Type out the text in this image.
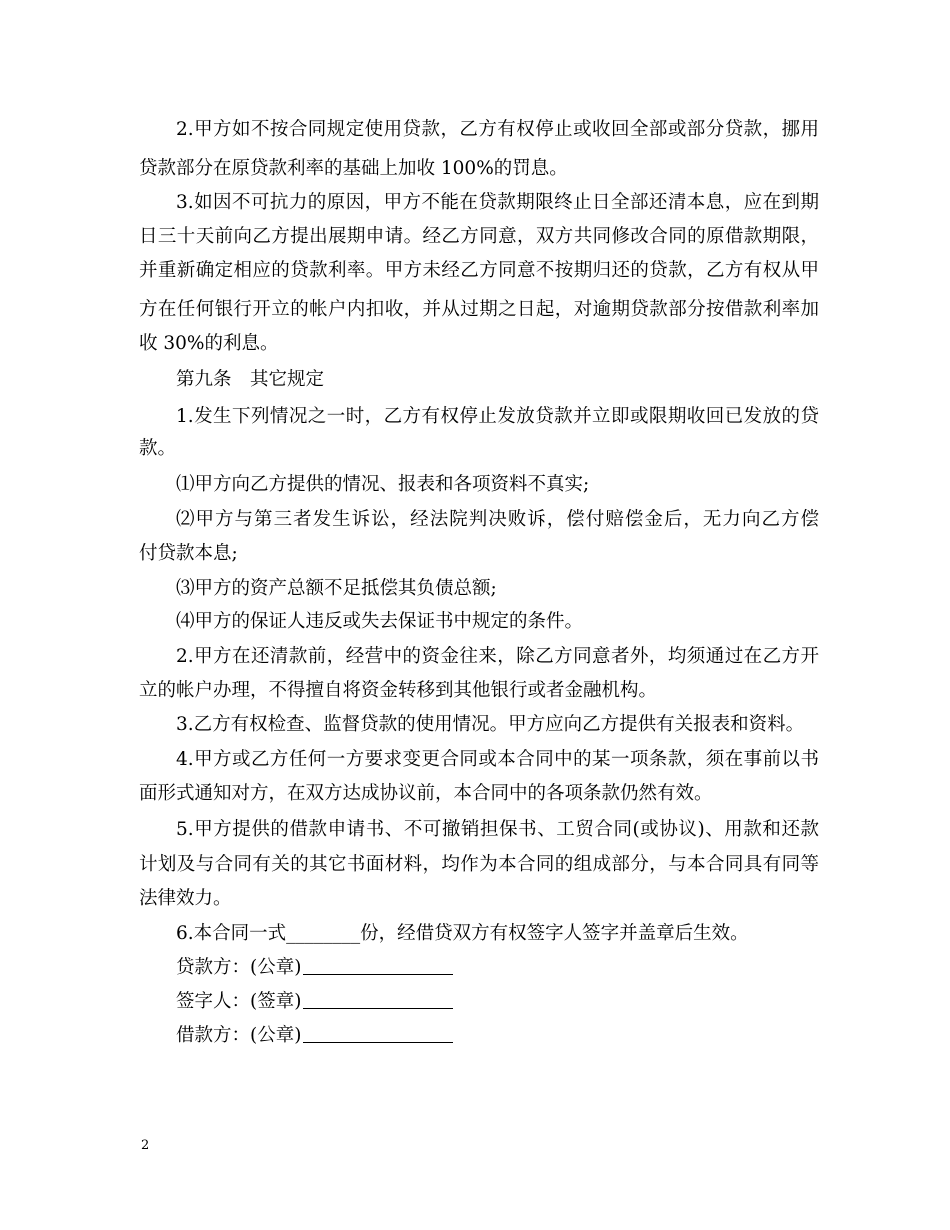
2.甲方如不按合同规定使用贷款，乙方有权停止或收回全部或部分贷款，挪用
贷款部分在原贷款利率的基础上加收 100%的罚息。
3.如因不可抗力的原因，甲方不能在贷款期限终止日全部还清本息，应在到期
日三十天前向乙方提出展期申请。经乙方同意，双方共同修改合同的原借款期限，
并重新确定相应的贷款利率。甲方未经乙方同意不按期归还的贷款，乙方有权从甲
方在任何银行开立的帐户内扣收，并从过期之日起，对逾期贷款部分按借款利率加
收 30%的利息。
第九条　其它规定
1.发生下列情况之一时，乙方有权停止发放贷款并立即或限期收回已发放的贷
款。
⑴甲方向乙方提供的情况、报表和各项资料不真实;
⑵甲方与第三者发生诉讼，经法院判决败诉，偿付赔偿金后，无力向乙方偿
付贷款本息;
⑶甲方的资产总额不足抵偿其负债总额;
⑷甲方的保证人违反或失去保证书中规定的条件。
2.甲方在还清款前，经营中的资金往来，除乙方同意者外，均须通过在乙方开
立的帐户办理，不得擅自将资金转移到其他银行或者金融机构。
3.乙方有权检查、监督贷款的使用情况。甲方应向乙方提供有关报表和资料。
4.甲方或乙方任何一方要求变更合同或本合同中的某一项条款，须在事前以书
面形式通知对方，在双方达成协议前，本合同中的各项条款仍然有效。
5.甲方提供的借款申请书、不可撤销担保书、工贸合同(或协议)、用款和还款
计划及与合同有关的其它书面材料，均作为本合同的组成部分，与本合同具有同等
法律效力。
6.本合同一式________份，经借贷双方有权签字人签字并盖章后生效。
贷款方：(公章)
签字人：(签章)
借款方：(公章)
2
